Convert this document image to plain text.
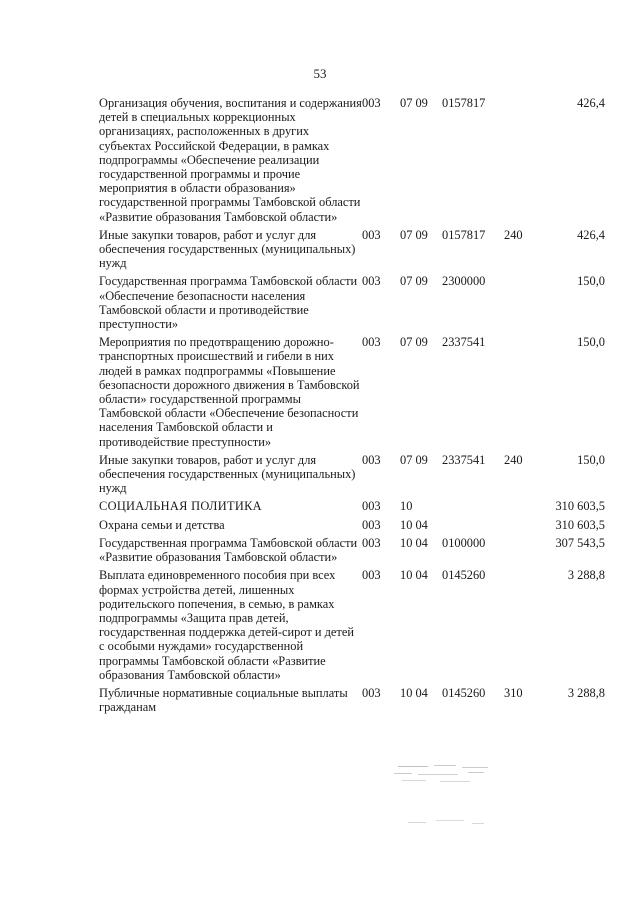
53
Организация обучения, воспитания и содержания детей в специальных коррекционных организациях, расположенных в других субъектах Российской Федерации, в рамках подпрограммы «Обеспечение реализации государственной программы и прочие мероприятия в области образования» государственной программы Тамбовской области «Развитие образования Тамбовской области»	003	07 09	0157817		426,4

Иные закупки товаров, работ и услуг для обеспечения государственных (муниципальных) нужд	003	07 09	0157817	240	426,4

Государственная программа Тамбовской области «Обеспечение безопасности населения Тамбовской области и противодействие преступности»	003	07 09	2300000		150,0

Мероприятия по предотвращению дорожно-транспортных происшествий и гибели в них людей в рамках подпрограммы «Повышение безопасности дорожного движения в Тамбовской области» государственной программы Тамбовской области «Обеспечение безопасности населения Тамбовской области и противодействие преступности»	003	07 09	2337541		150,0

Иные закупки товаров, работ и услуг для обеспечения государственных (муниципальных) нужд	003	07 09	2337541	240	150,0

СОЦИАЛЬНАЯ ПОЛИТИКА	003	10			310 603,5

Охрана семьи и детства	003	10 04			310 603,5

Государственная программа Тамбовской области «Развитие образования Тамбовской области»	003	10 04	0100000		307 543,5

Выплата единовременного пособия при всех формах устройства детей, лишенных родительского попечения, в семью, в рамках подпрограммы «Защита прав детей, государственная поддержка детей-сирот и детей с особыми нуждами» государственной программы Тамбовской области «Развитие образования Тамбовской области»	003	10 04	0145260		3 288,8

Публичные нормативные социальные выплаты гражданам	003	10 04	0145260	310	3 288,8
